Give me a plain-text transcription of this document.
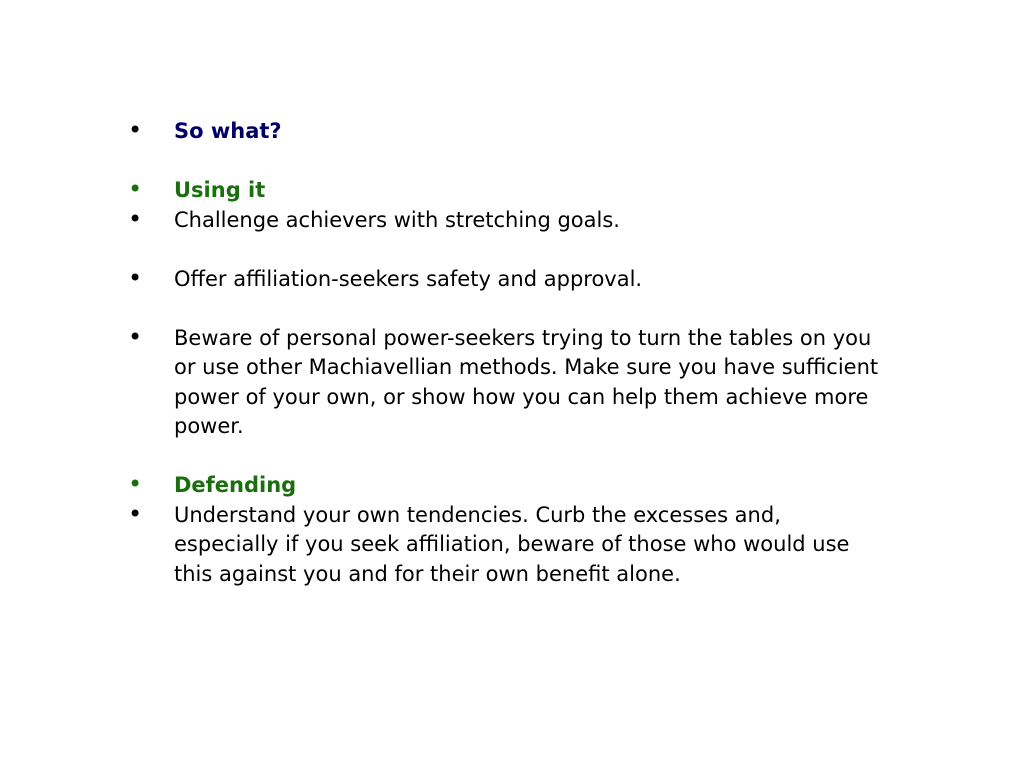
• So what?
• Using it
• Challenge achievers with stretching goals.
• Offer affiliation-seekers safety and approval.
• Beware of personal power-seekers trying to turn the tables on you or use other Machiavellian methods. Make sure you have sufficient power of your own, or show how you can help them achieve more power.
• Defending
• Understand your own tendencies. Curb the excesses and, especially if you seek affiliation, beware of those who would use this against you and for their own benefit alone.
